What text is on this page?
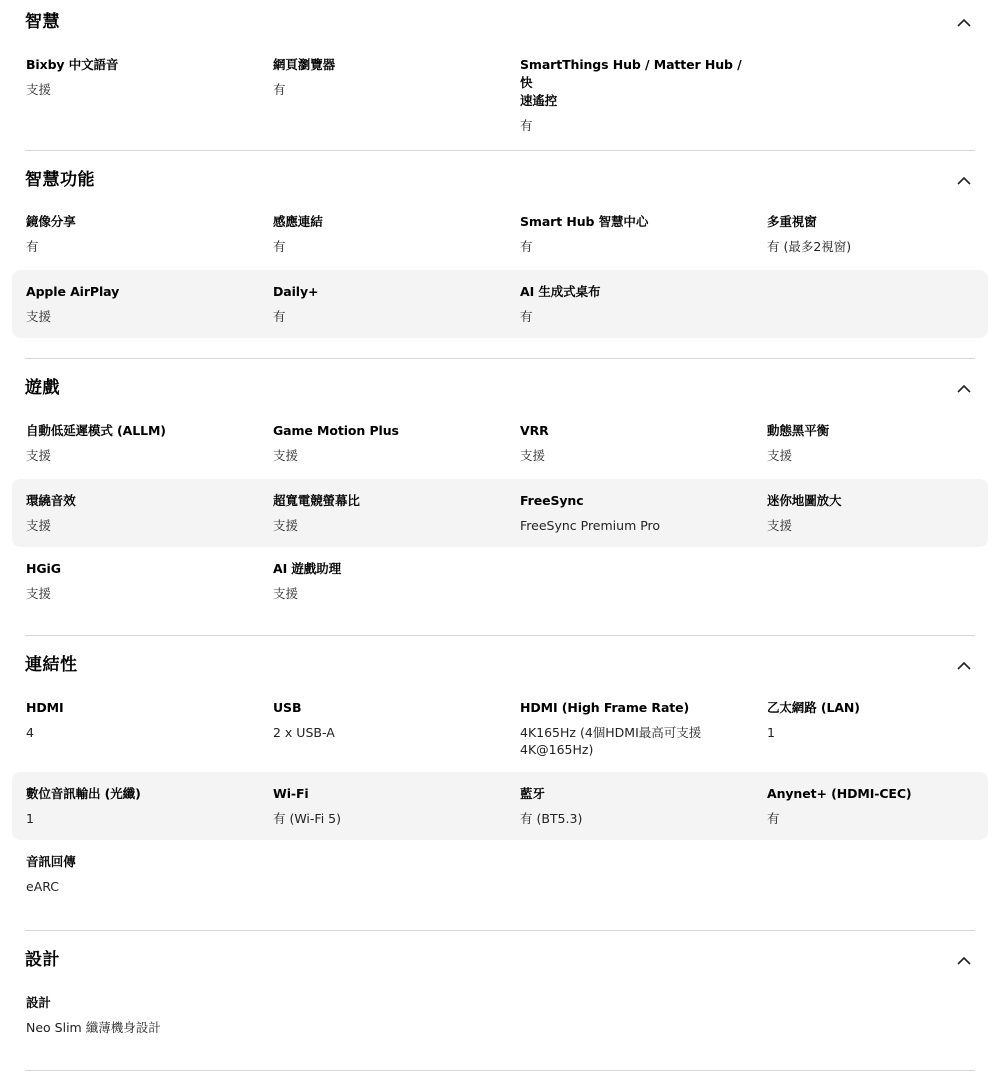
智慧
Bixby 中文語音
支援
網頁瀏覽器
有
SmartThings Hub / Matter Hub / 快
速遙控
有
智慧功能
鏡像分享
有
感應連結
有
Smart Hub 智慧中心
有
多重視窗
有 (最多2視窗)
Apple AirPlay
支援
Daily+
有
AI 生成式桌布
有
遊戲
自動低延遲模式 (ALLM)
支援
Game Motion Plus
支援
VRR
支援
動態黑平衡
支援
環繞音效
支援
超寬電競螢幕比
支援
FreeSync
FreeSync Premium Pro
迷你地圖放大
支援
HGiG
支援
AI 遊戲助理
支援
連結性
HDMI
4
USB
2 x USB-A
HDMI (High Frame Rate)
4K165Hz (4個HDMI最高可支援
4K@165Hz)
乙太網路 (LAN)
1
數位音訊輸出 (光纖)
1
Wi-Fi
有 (Wi-Fi 5)
藍牙
有 (BT5.3)
Anynet+ (HDMI-CEC)
有
音訊回傳
eARC
設計
設計
Neo Slim 纖薄機身設計
